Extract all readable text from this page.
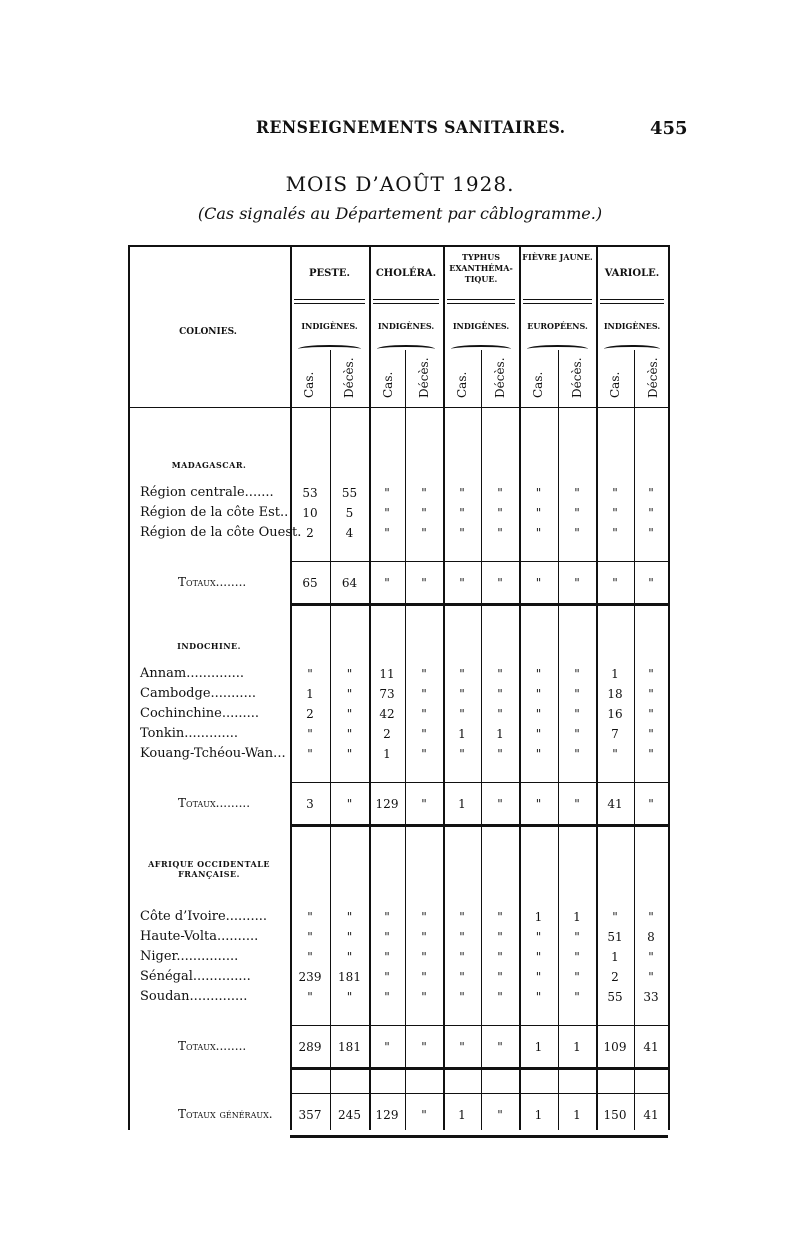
RENSEIGNEMENTS SANITAIRES.	455
MOIS D’AOÛT 1928.
(Cas signalés au Département par câblogramme.)
COLONIES.
PESTE.
INDIGÈNES.
Cas. Décès.
CHOLÉRA.
INDIGÈNES.
Cas. Décès.
TYPHUS EXANTHÉMA- TIQUE.
INDIGÈNES.
Cas. Décès.
FIÈVRE JAUNE.
EUROPÉENS.
Cas. Décès.
VARIOLE.
INDIGÈNES.
Cas. Décès.
MADAGASCAR.
Région centrale.......	53	55	"	"	"	"	"	"	"	"
Région de la côte Est..	10	5	"	"	"	"	"	"	"	"
Région de la côte Ouest. 2	4	"	"	"	"	"	"	"	"
Totaux........	65	64	"	"	"	"	"	"	"	"
INDOCHINE.
Annam..............	"	"	11	"	"	"	"	"	1	"
Cambodge...........	1	"	73	"	"	"	"	"	18	"
Cochinchine.........	2	"	42	"	"	"	"	"	16	"
Tonkin.............	"	"	2	"	1	1	"	"	7	"
Kouang-Tchéou-Wan...	"	"	1	"	"	"	"	"	"	"
Totaux.........	3	"	129	"	1	"	"	"	41	"
AFRIQUE OCCIDENTALE FRANÇAISE.
Côte d’Ivoire..........	"	"	"	"	"	"	1	1	"	"
Haute-Volta..........	"	"	"	"	"	"	"	"	51	8
Niger...............	"	"	"	"	"	"	"	"	1	"
Sénégal..............	239	181	"	"	"	"	"	"	2	"
Soudan..............	"	"	"	"	"	"	"	"	55	33
Totaux........	289	181	"	"	"	"	1	1	109	41
Totaux généraux.	357	245	129	"	1	"	1	1	150	41
